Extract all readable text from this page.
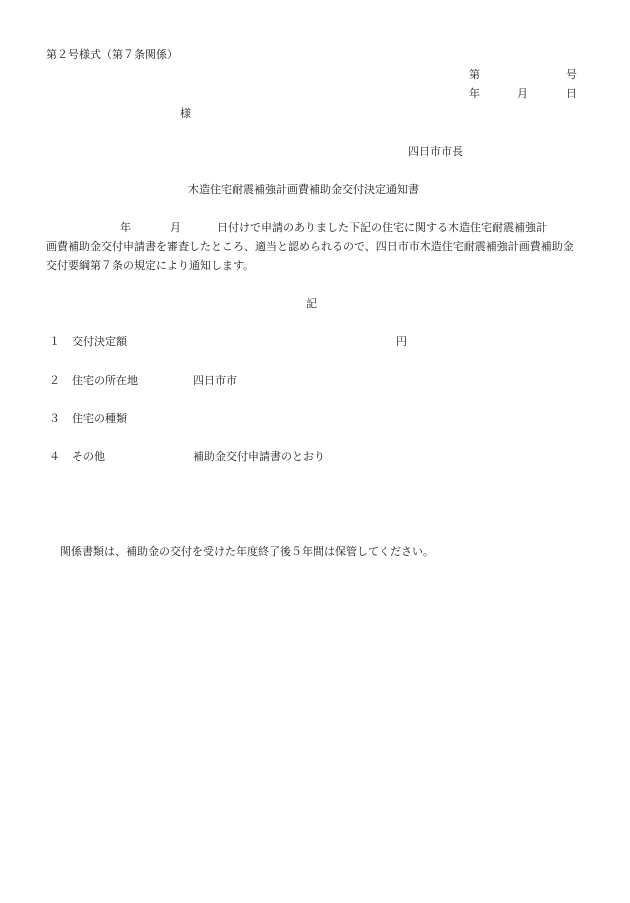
第２号様式（第７条関係）
第	号
年	月	日
様
四日市市長
木造住宅耐震補強計画費補助金交付決定通知書
年	月	日付けで申請のありました下記の住宅に関する木造住宅耐震補強計
画費補助金交付申請書を審査したところ、適当と認められるので、四日市市木造住宅耐震補強計画費補助金交付要綱第７条の規定により通知します。
記
１ 交付決定額	円
２ 住宅の所在地	四日市市
３ 住宅の種類
４ その他	補助金交付申請書のとおり
関係書類は、補助金の交付を受けた年度終了後５年間は保管してください。
